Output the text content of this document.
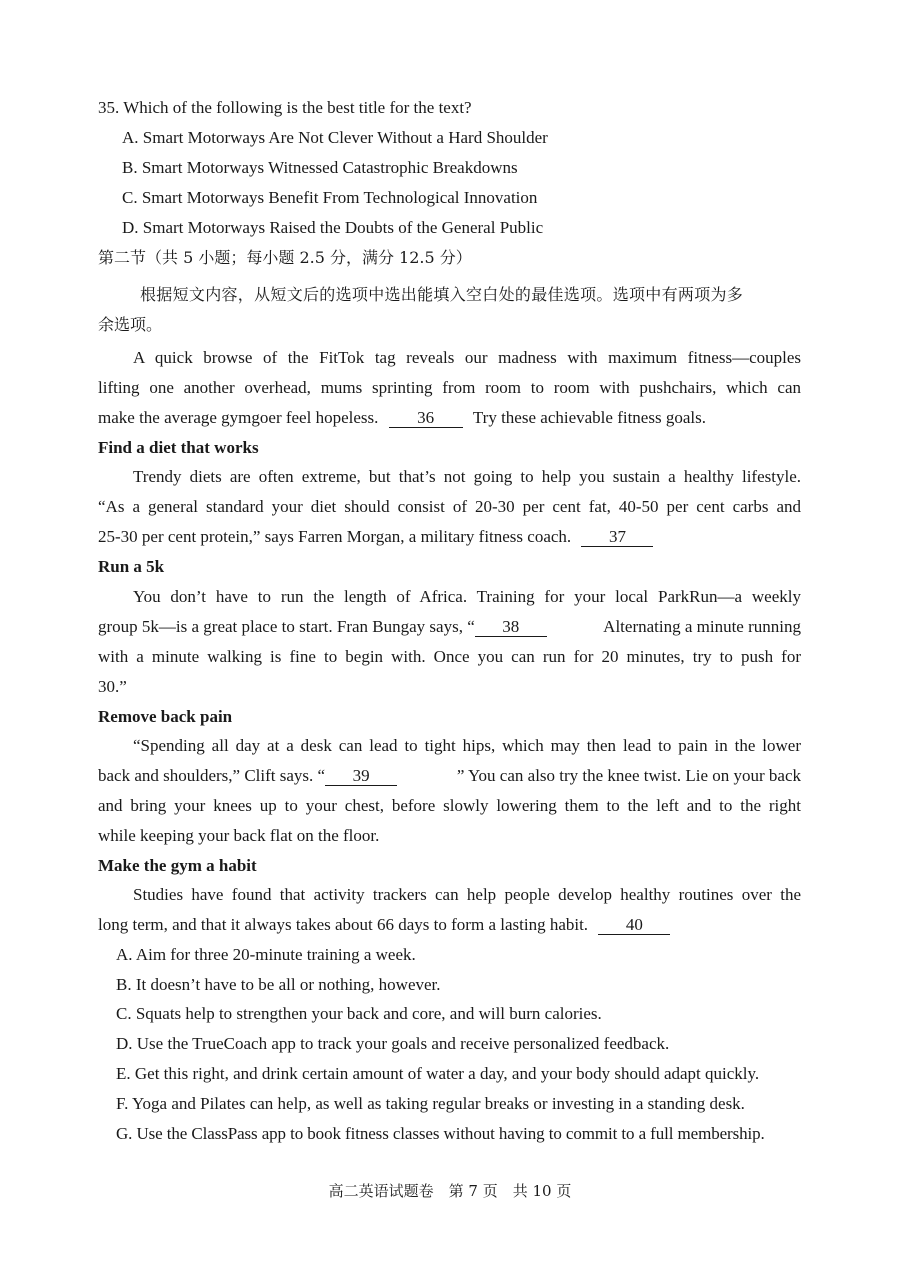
35. Which of the following is the best title for the text?
A. Smart Motorways Are Not Clever Without a Hard Shoulder
B. Smart Motorways Witnessed Catastrophic Breakdowns
C. Smart Motorways Benefit From Technological Innovation
D. Smart Motorways Raised the Doubts of the General Public
第二节（共 5 小题；每小题 2.5 分，满分 12.5 分）
根据短文内容，从短文后的选项中选出能填入空白处的最佳选项。选项中有两项为多
余选项。
A quick browse of the FitTok tag reveals our madness with maximum fitness—couples
lifting one another overhead, mums sprinting from room to room with pushchairs, which can
make the average gymgoer feel hopeless. 36 Try these achievable fitness goals.
Find a diet that works
Trendy diets are often extreme, but that’s not going to help you sustain a healthy lifestyle.
“As a general standard your diet should consist of 20-30 per cent fat, 40-50 per cent carbs and
25-30 per cent protein,” says Farren Morgan, a military fitness coach. 37
Run a 5k
You don’t have to run the length of Africa. Training for your local ParkRun—a weekly
group 5k—is a great place to start. Fran Bungay says, “ 38	Alternating a minute running
with a minute walking is fine to begin with. Once you can run for 20 minutes, try to push for
30.”
Remove back pain
“Spending all day at a desk can lead to tight hips, which may then lead to pain in the lower
back and shoulders,” Clift says. “ 39	” You can also try the knee twist. Lie on your back
and bring your knees up to your chest, before slowly lowering them to the left and to the right
while keeping your back flat on the floor.
Make the gym a habit
Studies have found that activity trackers can help people develop healthy routines over the
long term, and that it always takes about 66 days to form a lasting habit. 40
A. Aim for three 20-minute training a week.
B. It doesn’t have to be all or nothing, however.
C. Squats help to strengthen your back and core, and will burn calories.
D. Use the TrueCoach app to track your goals and receive personalized feedback.
E. Get this right, and drink certain amount of water a day, and your body should adapt quickly.
F. Yoga and Pilates can help, as well as taking regular breaks or investing in a standing desk.
G. Use the ClassPass app to book fitness classes without having to commit to a full membership.
高二英语试题卷　第 7 页　共 10 页
